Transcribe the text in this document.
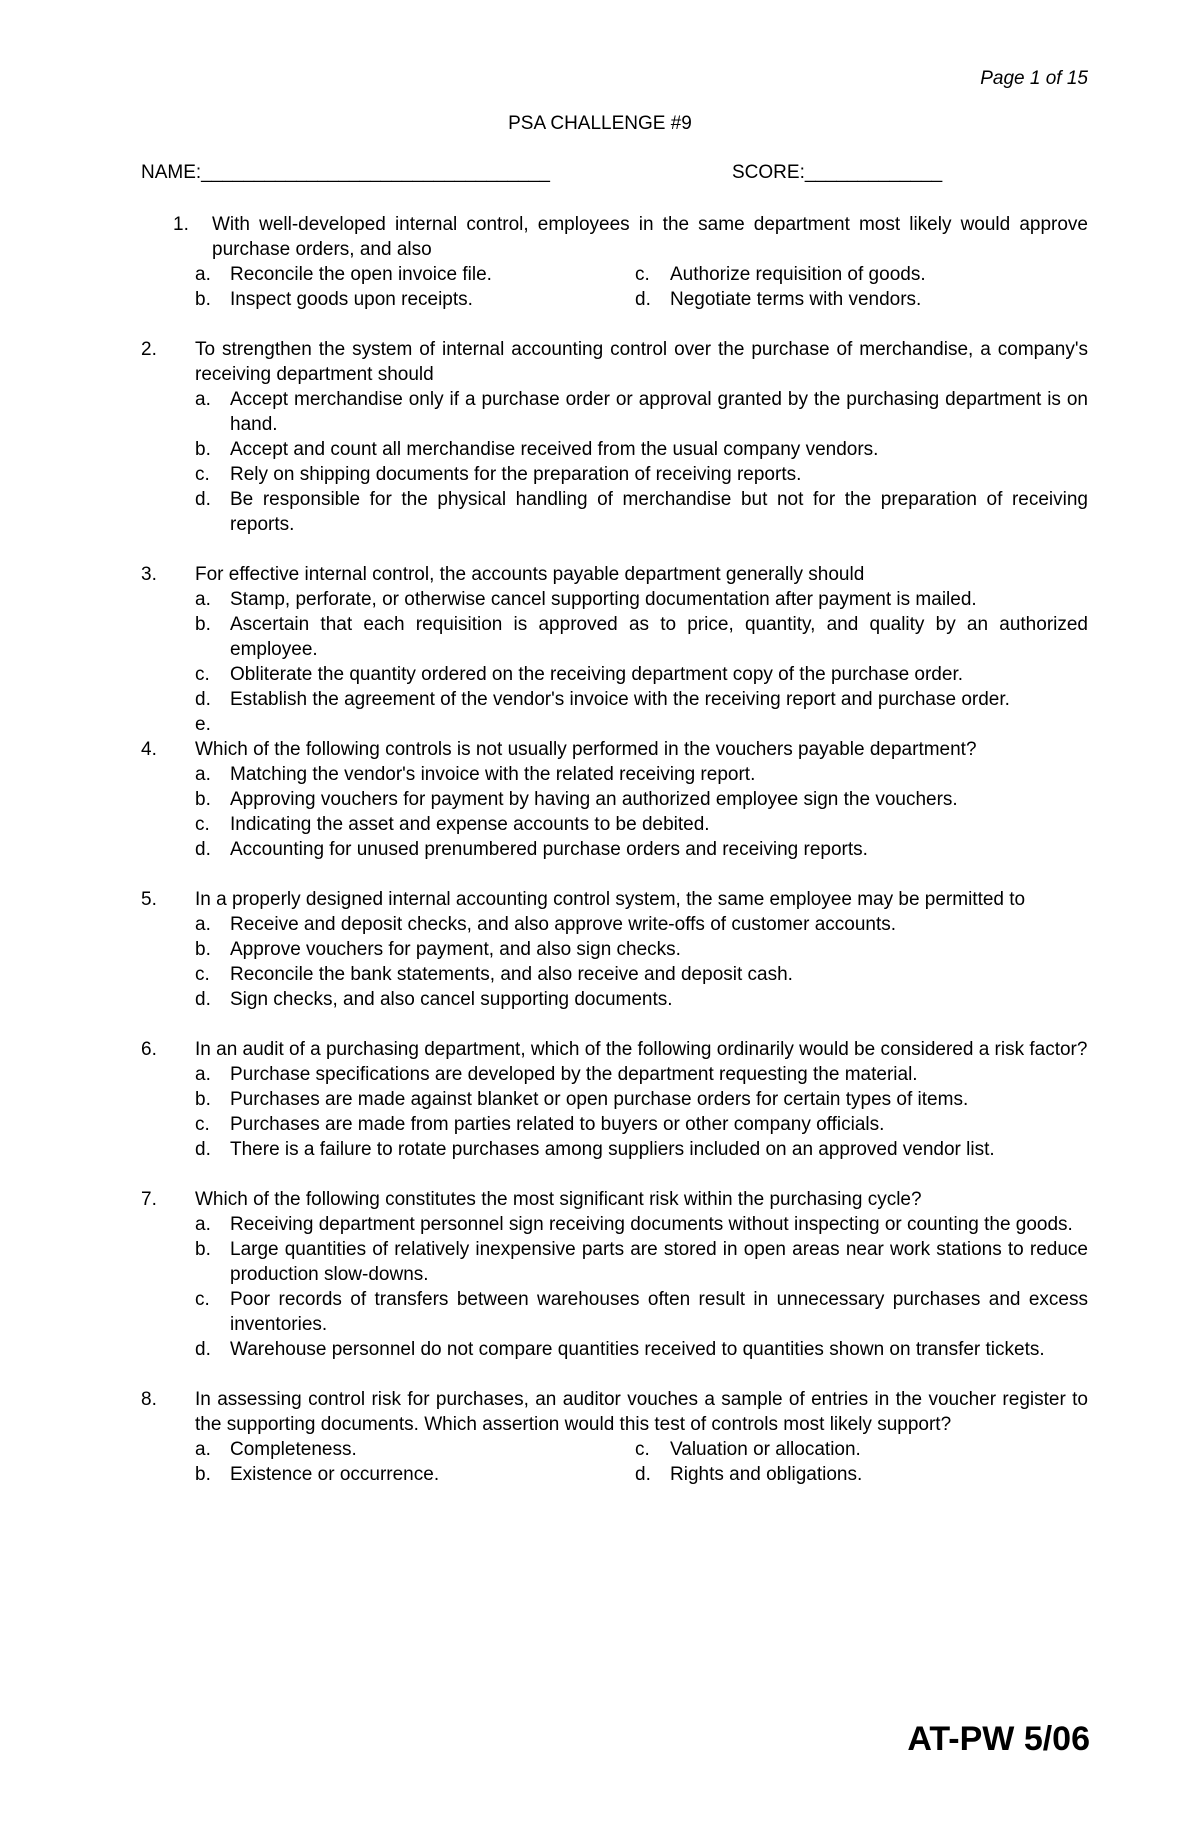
Page 1 of 15
PSA CHALLENGE #9
NAME:_________________________________	SCORE:_____________
1. With well-developed internal control, employees in the same department most likely would approve purchase orders, and also
a. Reconcile the open invoice file.	c. Authorize requisition of goods.
b. Inspect goods upon receipts.	d. Negotiate terms with vendors.
2. To strengthen the system of internal accounting control over the purchase of merchandise, a company's receiving department should
a. Accept merchandise only if a purchase order or approval granted by the purchasing department is on hand.
b. Accept and count all merchandise received from the usual company vendors.
c. Rely on shipping documents for the preparation of receiving reports.
d. Be responsible for the physical handling of merchandise but not for the preparation of receiving reports.
3. For effective internal control, the accounts payable department generally should
a. Stamp, perforate, or otherwise cancel supporting documentation after payment is mailed.
b. Ascertain that each requisition is approved as to price, quantity, and quality by an authorized employee.
c. Obliterate the quantity ordered on the receiving department copy of the purchase order.
d. Establish the agreement of the vendor's invoice with the receiving report and purchase order.
e.
4. Which of the following controls is not usually performed in the vouchers payable department?
a. Matching the vendor's invoice with the related receiving report.
b. Approving vouchers for payment by having an authorized employee sign the vouchers.
c. Indicating the asset and expense accounts to be debited.
d. Accounting for unused prenumbered purchase orders and receiving reports.
5. In a properly designed internal accounting control system, the same employee may be permitted to
a. Receive and deposit checks, and also approve write-offs of customer accounts.
b. Approve vouchers for payment, and also sign checks.
c. Reconcile the bank statements, and also receive and deposit cash.
d. Sign checks, and also cancel supporting documents.
6. In an audit of a purchasing department, which of the following ordinarily would be considered a risk factor?
a. Purchase specifications are developed by the department requesting the material.
b. Purchases are made against blanket or open purchase orders for certain types of items.
c. Purchases are made from parties related to buyers or other company officials.
d. There is a failure to rotate purchases among suppliers included on an approved vendor list.
7. Which of the following constitutes the most significant risk within the purchasing cycle?
a. Receiving department personnel sign receiving documents without inspecting or counting the goods.
b. Large quantities of relatively inexpensive parts are stored in open areas near work stations to reduce production slow-downs.
c. Poor records of transfers between warehouses often result in unnecessary purchases and excess inventories.
d. Warehouse personnel do not compare quantities received to quantities shown on transfer tickets.
8. In assessing control risk for purchases, an auditor vouches a sample of entries in the voucher register to the supporting documents. Which assertion would this test of controls most likely support?
a. Completeness.	c. Valuation or allocation.
b. Existence or occurrence.	d. Rights and obligations.
AT-PW 5/06
